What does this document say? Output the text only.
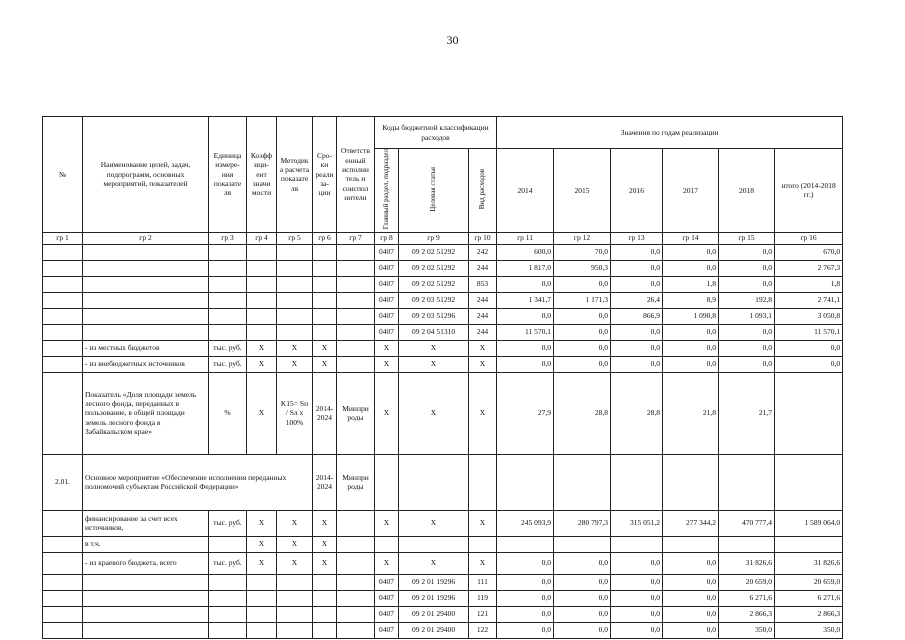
30
№	Наименование целей, задач, подпрограмм, основных мероприятий, показателей	Единица измере-ния показате ля	Коэфф ици-ент значи мости	Методик а расчета показате ля	Сро-ки реали за-ции	Ответств енный исполни тель и соиспол нители	Коды бюджетной классификации расходов			Значения по годам реализации					
							Главный раздел, подраздел	Целевая статья	Вид расходов	2014	2015	2016	2017	2018	итого (2014-2018 гг.)
гр 1	гр 2	гр 3	гр 4	гр 5	гр 6	гр 7	гр 8	гр 9	гр 10	гр 11	гр 12	гр 13	гр 14	гр 15	гр 16
							0407	09 2 02 51292	242	600,0	70,0	0,0	0,0	0,0	670,0
							0407	09 2 02 51292	244	1 817,0	950,3	0,0	0,0	0,0	2 767,3
							0407	09 2 02 51292	853	0,0	0,0	0,0	1,8	0,0	1,8
							0407	09 2 03 51292	244	1 341,7	1 171,3	26,4	8,9	192,8	2 741,1
							0407	09 2 03 51296	244	0,0	0,0	866,9	1 090,8	1 093,1	3 050,8
							0407	09 2 04 51310	244	11 570,1	0,0	0,0	0,0	0,0	11 570,1
	- из местных бюджетов	тыс. руб.	X	X	X		X	X	X	0,0	0,0	0,0	0,0	0,0	0,0
	- из внебюджетных источников	тыс. руб.	X	X	X		X	X	X	0,0	0,0	0,0	0,0	0,0	0,0
	Показатель «Доля площади земель лесного фонда, переданных в пользование, в общей площади земель лесного фонда в Забайкальском крае»	%	X	K15= Sп / Sл x 100%	2014-2024	Минпри роды	X	X	X	27,9	28,8	28,8	21,8	21,7	
2.01.	Основное мероприятие «Обеспечение исполнения переданных полномочий субъектам Российской Федерации»				2014-2024	Минпри роды									
	финансирование за счет всех источников,	тыс. руб.	X	X	X		X	X	X	245 093,9	280 797,3	315 051,2	277 344,2	470 777,4	1 589 064,0
	в т.ч.		X	X	X										
	- из краевого бюджета, всего	тыс. руб.	X	X	X		X	X	X	0,0	0,0	0,0	0,0	31 826,6	31 826,6
							0407	09 2 01 19296	111	0,0	0,0	0,0	0,0	20 659,0	20 659,0
							0407	09 2 01 19296	119	0,0	0,0	0,0	0,0	6 271,6	6 271,6
							0407	09 2 01 29400	121	0,0	0,0	0,0	0,0	2 866,3	2 866,3
							0407	09 2 01 29400	122	0,0	0,0	0,0	0,0	350,0	350,0
